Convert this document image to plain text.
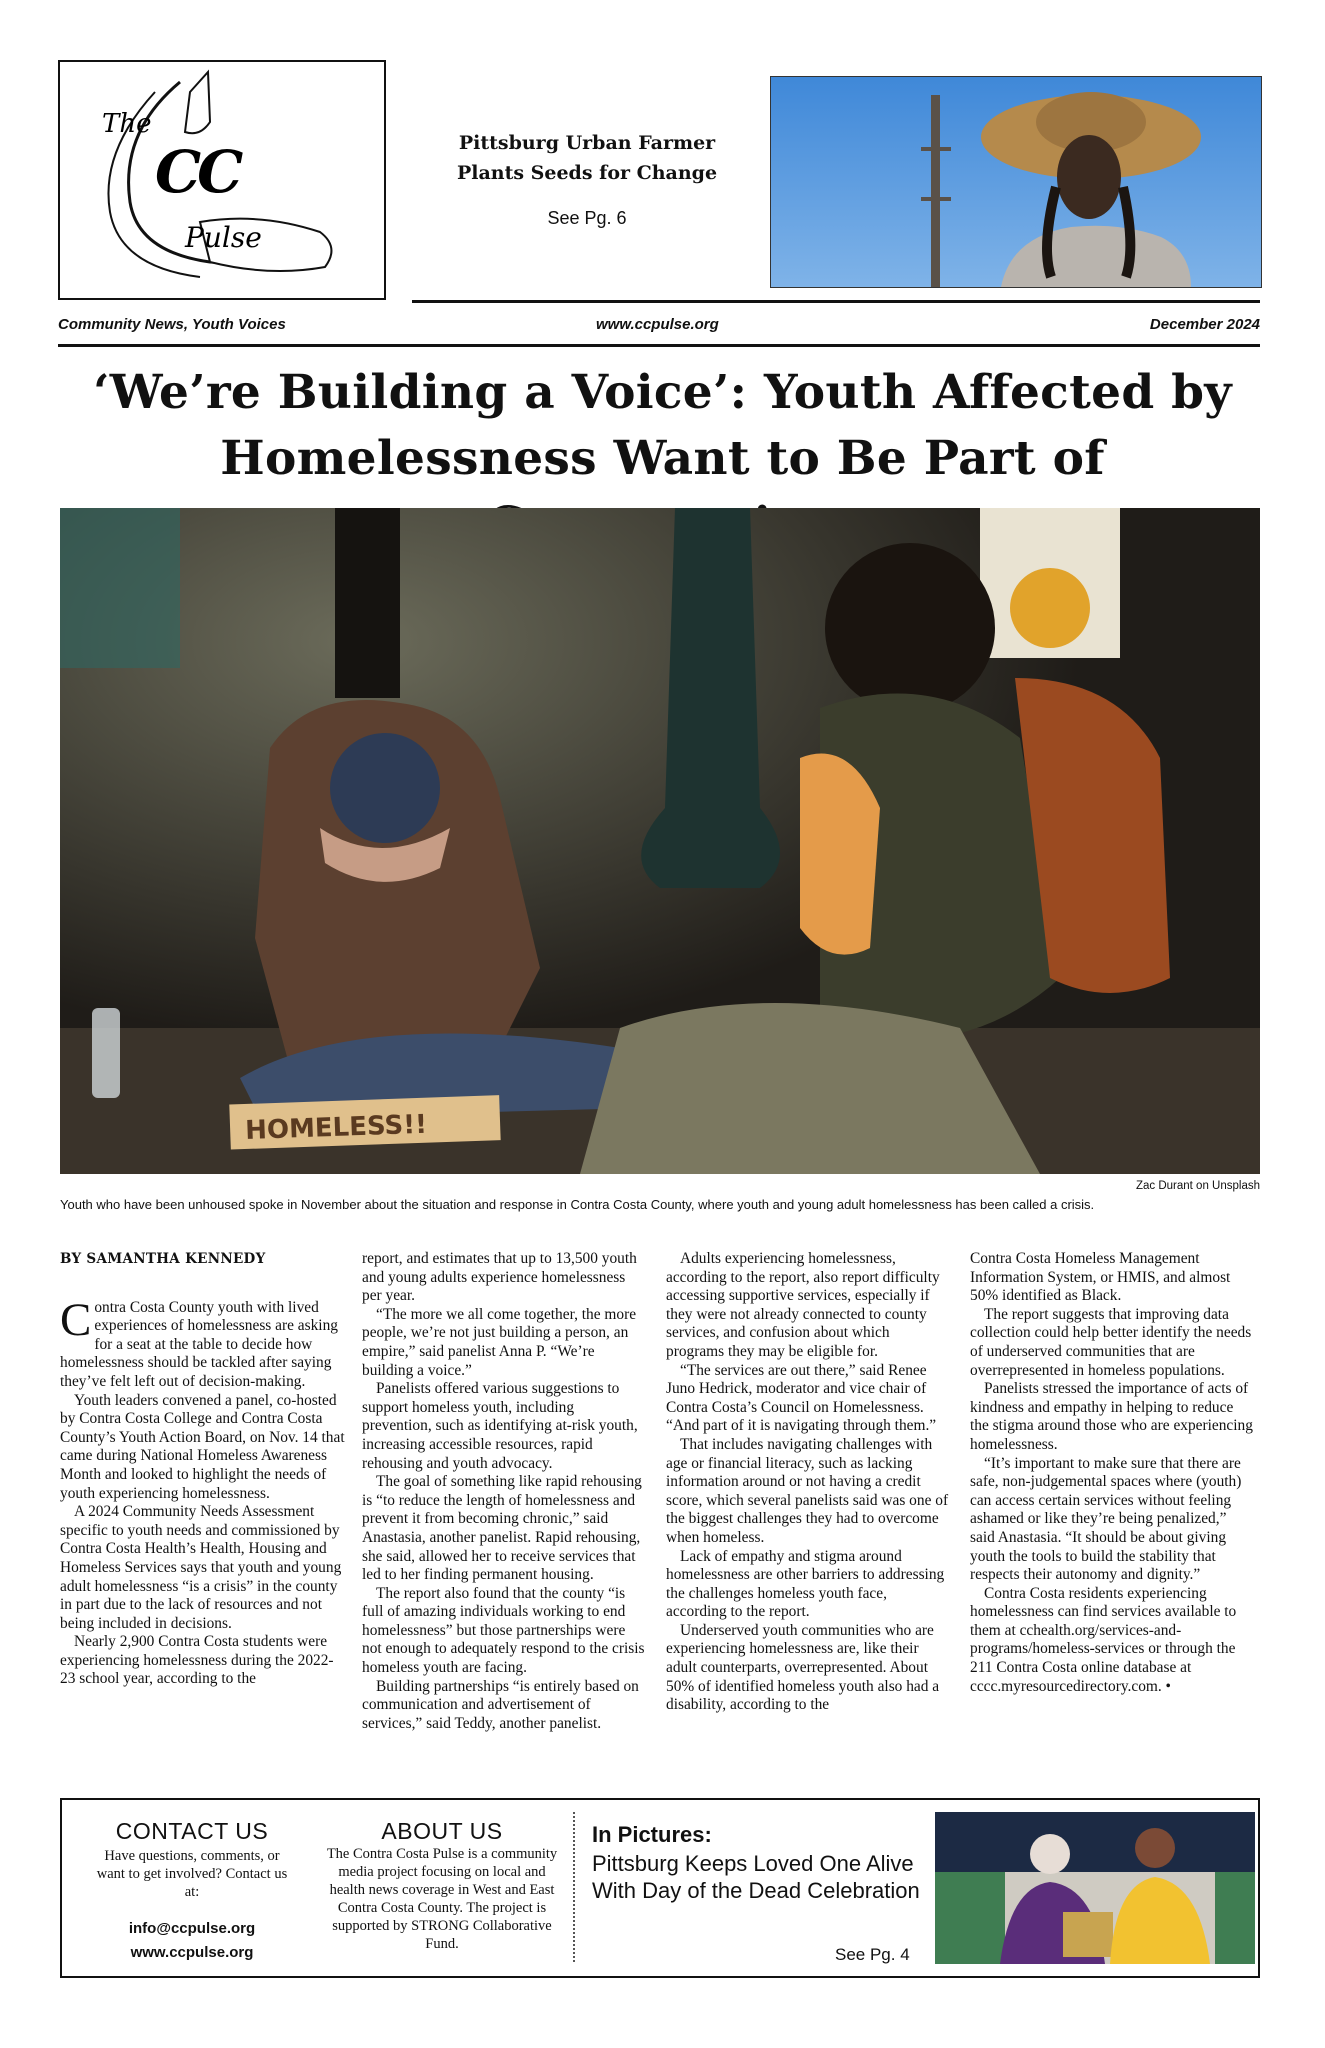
The
CC
Pulse
Pittsburg Urban Farmer
Plants Seeds for Change
See Pg. 6
Community News, Youth Voices	www.ccpulse.org	December 2024
‘We’re Building a Voice’: Youth Affected by
Homelessness Want to Be Part of
HOMELESS!!
Zac Durant on Unsplash
Youth who have been unhoused spoke in November about the situation and response in Contra Costa County, where youth and young adult homelessness has been called a crisis.

BY SAMANTHA KENNEDY

Contra Costa County youth with lived experiences of homelessness are asking for a seat at the table to decide how homelessness should be tackled after saying they’ve felt left out of decision-making.

Youth leaders convened a panel, co-hosted by Contra Costa College and Contra Costa County’s Youth Action Board, on Nov. 14 that came during National Homeless Awareness Month and looked to highlight the needs of youth experiencing homelessness.

A 2024 Community Needs Assessment specific to youth needs and commissioned by Contra Costa Health’s Health, Housing and Homeless Services says that youth and young adult homelessness “is a crisis” in the county in part due to the lack of resources and not being included in decisions.

Nearly 2,900 Contra Costa students were experiencing homelessness during the 2022-23 school year, according to the

report, and estimates that up to 13,500 youth and young adults experience homelessness per year.

“The more we all come together, the more people, we’re not just building a person, an empire,” said panelist Anna P. “We’re building a voice.”

Panelists offered various suggestions to support homeless youth, including prevention, such as identifying at-risk youth, increasing accessible resources, rapid rehousing and youth advocacy.

The goal of something like rapid rehousing is “to reduce the length of homelessness and prevent it from becoming chronic,” said Anastasia, another panelist. Rapid rehousing, she said, allowed her to receive services that led to her finding permanent housing.

The report also found that the county “is full of amazing individuals working to end homelessness” but those partnerships were not enough to adequately respond to the crisis homeless youth are facing.

Building partnerships “is entirely based on communication and advertisement of services,” said Teddy, another panelist.

Adults experiencing homelessness, according to the report, also report difficulty accessing supportive services, especially if they were not already connected to county services, and confusion about which programs they may be eligible for.

“The services are out there,” said Renee Juno Hedrick, moderator and vice chair of Contra Costa’s Council on Homelessness. “And part of it is navigating through them.”

That includes navigating challenges with age or financial literacy, such as lacking information around or not having a credit score, which several panelists said was one of the biggest challenges they had to overcome when homeless.

Lack of empathy and stigma around homelessness are other barriers to addressing the challenges homeless youth face, according to the report.

Underserved youth communities who are experiencing homelessness are, like their adult counterparts, overrepresented. About 50% of identified homeless youth also had a disability, according to the

Contra Costa Homeless Management Information System, or HMIS, and almost 50% identified as Black.

The report suggests that improving data collection could help better identify the needs of underserved communities that are overrepresented in homeless populations.

Panelists stressed the importance of acts of kindness and empathy in helping to reduce the stigma around those who are experiencing homelessness.

“It’s important to make sure that there are safe, non-judgemental spaces where (youth) can access certain services without feeling ashamed or like they’re being penalized,” said Anastasia. “It should be about giving youth the tools to build the stability that respects their autonomy and dignity.”

Contra Costa residents experiencing homelessness can find services available to them at cchealth.org/services-and-programs/homeless-services or through the 211 Contra Costa online database at cccc.myresourcedirectory.com. •

CONTACT US
Have questions, comments, or want to get involved? Contact us at:
info@ccpulse.org
www.ccpulse.org
ABOUT US
The Contra Costa Pulse is a community media project focusing on local and health news coverage in West and East Contra Costa County. The project is supported by STRONG Collaborative Fund.
In Pictures:
Pittsburg Keeps Loved One Alive With Day of the Dead Celebration
See Pg. 4
